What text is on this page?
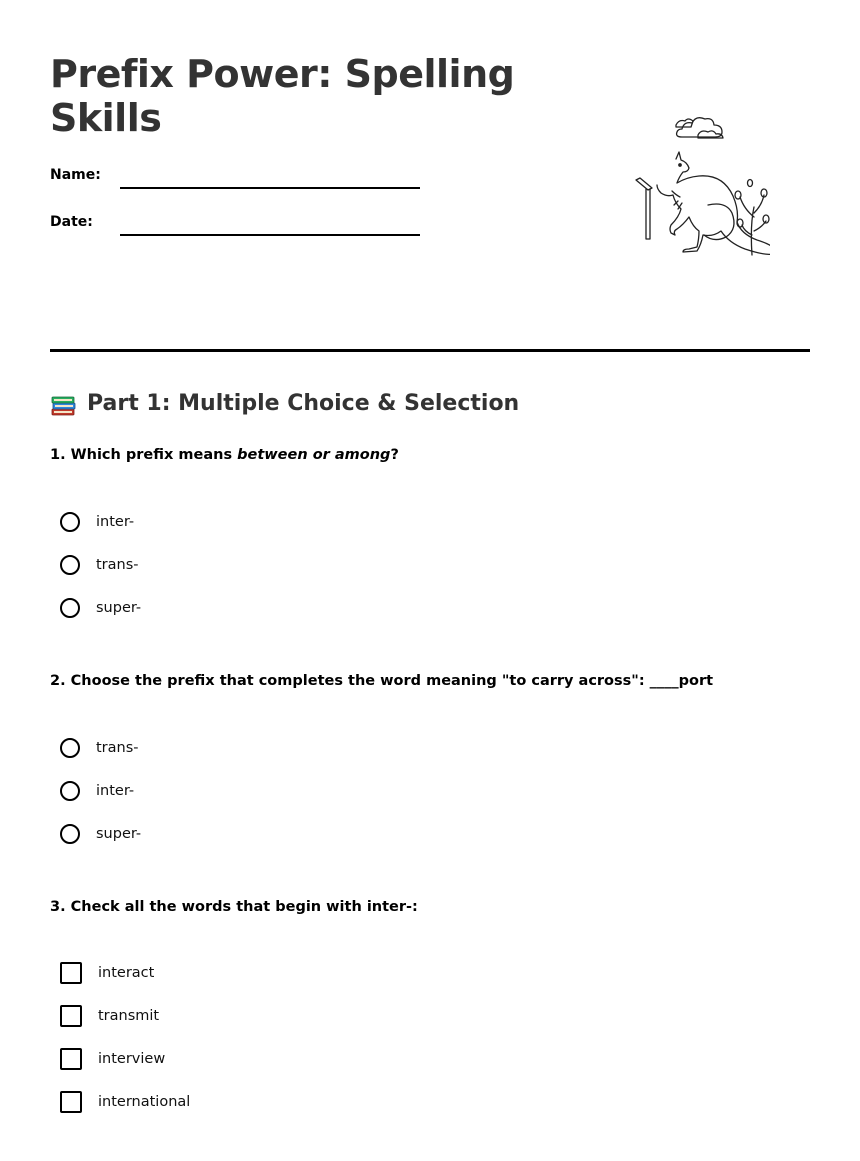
Prefix Power: Spelling Skills
Name:
Date:
Part 1: Multiple Choice & Selection

1. Which prefix means between or among?

inter-
trans-
super-

2. Choose the prefix that completes the word meaning "to carry across": ____port

trans-
inter-
super-

3. Check all the words that begin with inter-:

interact
transmit
interview
international
